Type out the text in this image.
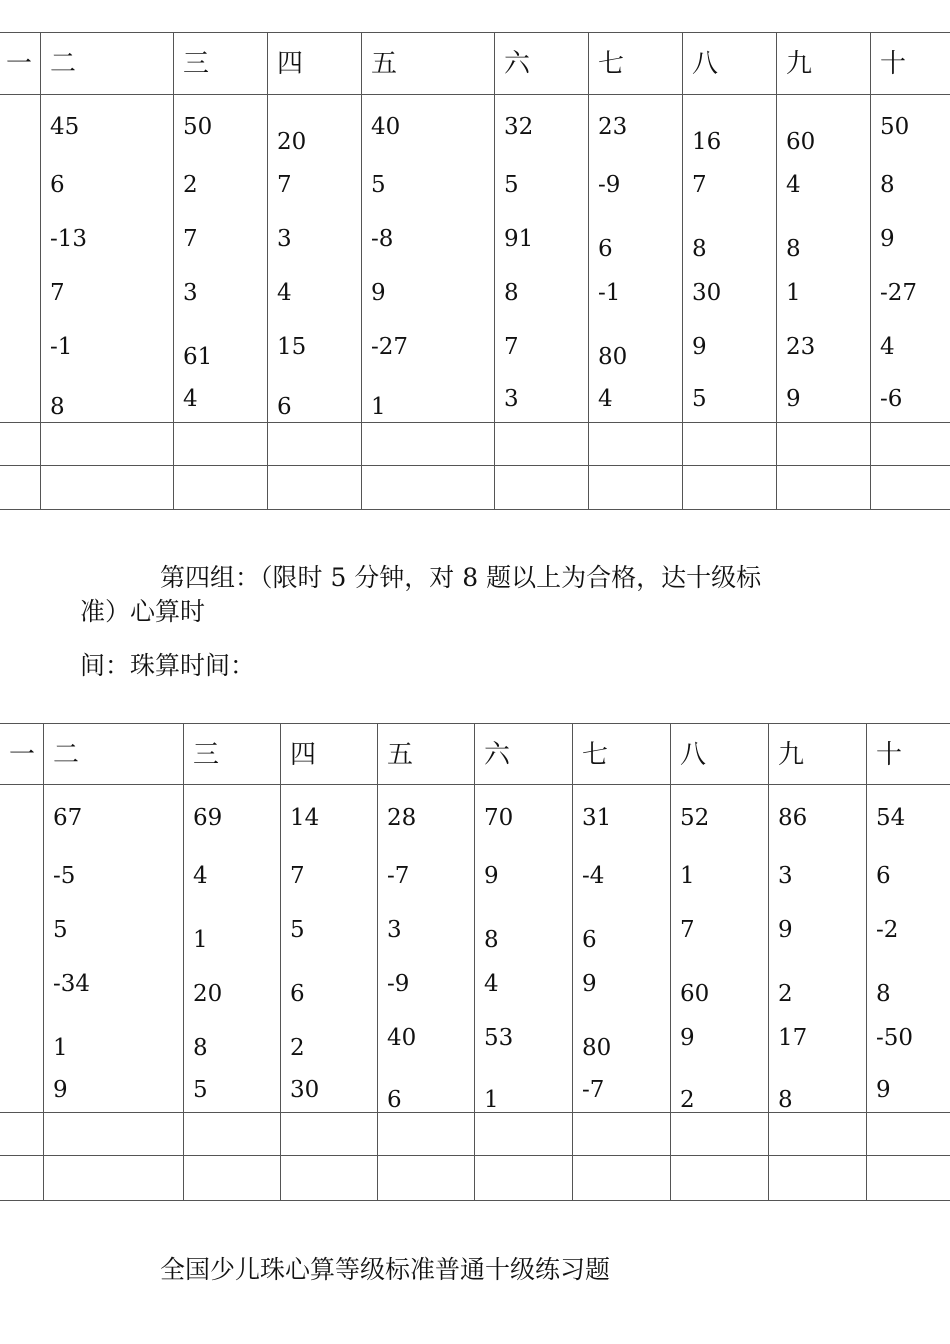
一 二
45
6
-13
7
-1
8
三
50
2
7
3
61
4
四
20
7
3
4
15
6
五
40
5
-8
9
-27
1
六
32
5
91
8
7
3
七
23
-9
6
-1
80
4
八
16
7
8
30
9
5
九
60
4
8
1
23
9
十
50
8
9
-27
4
-6
第四组：（限时 5 分钟，对 8 题以上为合格，达十级标
准）心算时
间：珠算时间：
一 二
67
-5
5
-34
1
9
三
69
4
1
20
8
5
四
14
7
5
6
2
30
五
28
-7
3
-9
40
6
六
70
9
8
4
53
1
七
31
-4
6
9
80
-7
八
52
1
7
60
9
2
九
86
3
9
2
17
8
十
54
6
-2
8
-50
9
全国少儿珠心算等级标准普通十级练习题
